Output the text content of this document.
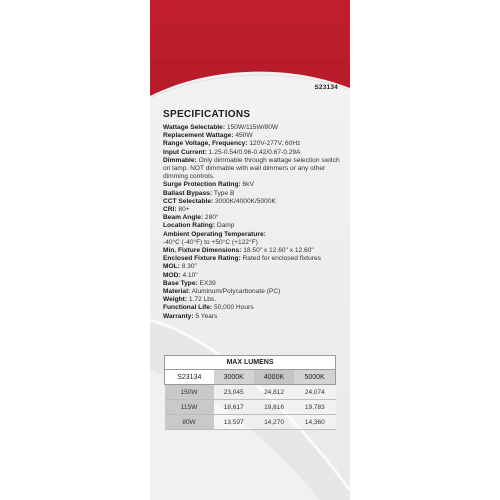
S23134
SPECIFICATIONS
Wattage Selectable: 150W/115W/80W
Replacement Wattage: 450W
Range Voltage, Frequency: 120V-277V, 60Hz
Input Current: 1.25-0.54/0.96-0.42/0.67-0.29A
Dimmable: Only dimmable through wattage selection switch on lamp. NOT dimmable with wall dimmers or any other dimming controls.
Surge Protection Rating: 6kV
Ballast Bypass: Type B
CCT Selectable: 3000K/4000K/5000K
CRI: 80+
Beam Angle: 280°
Location Rating: Damp
Ambient Operating Temperature:
-40°C (-40°F) to +50°C (+122°F)
Min. Fixture Dimensions: 18.50" x 12.60" x 12.60"
Enclosed Fixture Rating: Rated for enclosed fixtures
MOL: 8.30"
MOD: 4.10"
Base Type: EX39
Material: Aluminum/Polycarbonate (PC)
Weight: 1.72 Lbs.
Functional Life: 50,000 Hours
Warranty: 5 Years
MAX LUMENS			
S23134	3000K	4000K	5000K
150W	23,045	24,812	24,074
115W	18,617	19,816	19,783
80W	13,597	14,270	14,360
